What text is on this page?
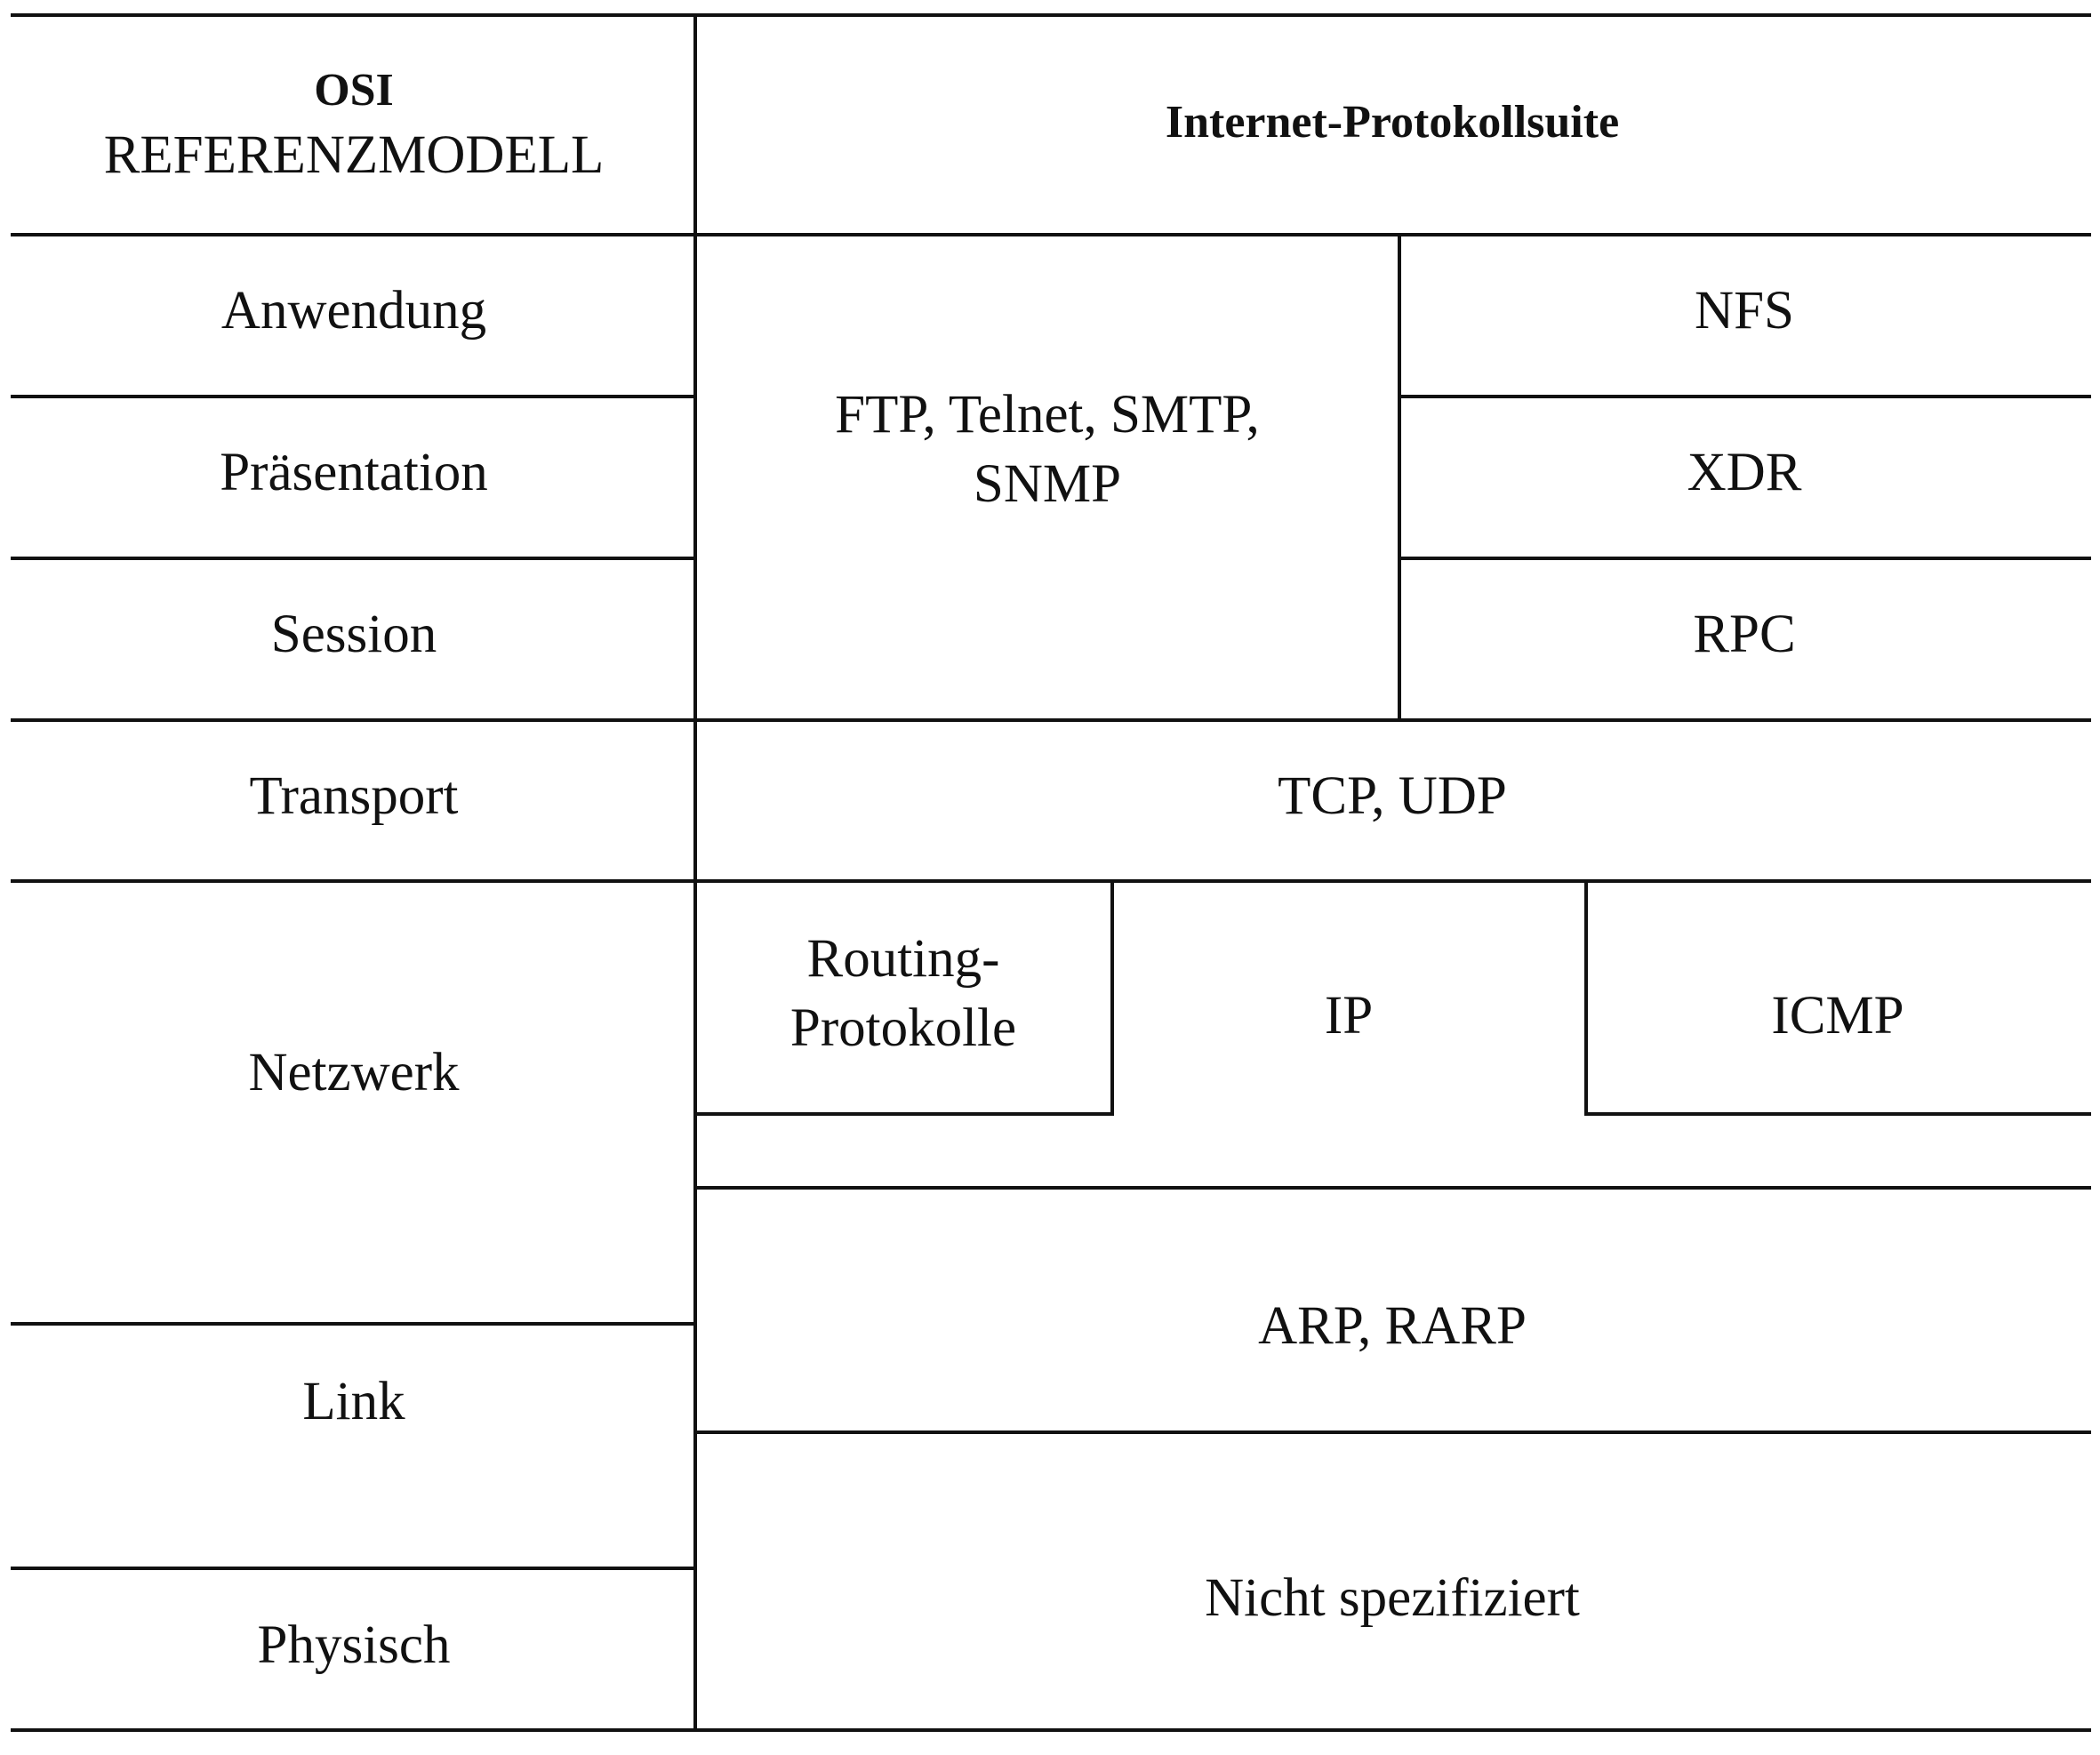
OSI
REFERENZMODELL
Internet-Protokollsuite
Anwendung
Präsentation
Session
Transport
Netzwerk
Link
Physisch
FTP, Telnet, SMTP,
SNMP
NFS
XDR
RPC
TCP, UDP
Routing-
Protokolle	IP	ICMP
ARP, RARP
Nicht spezifiziert
